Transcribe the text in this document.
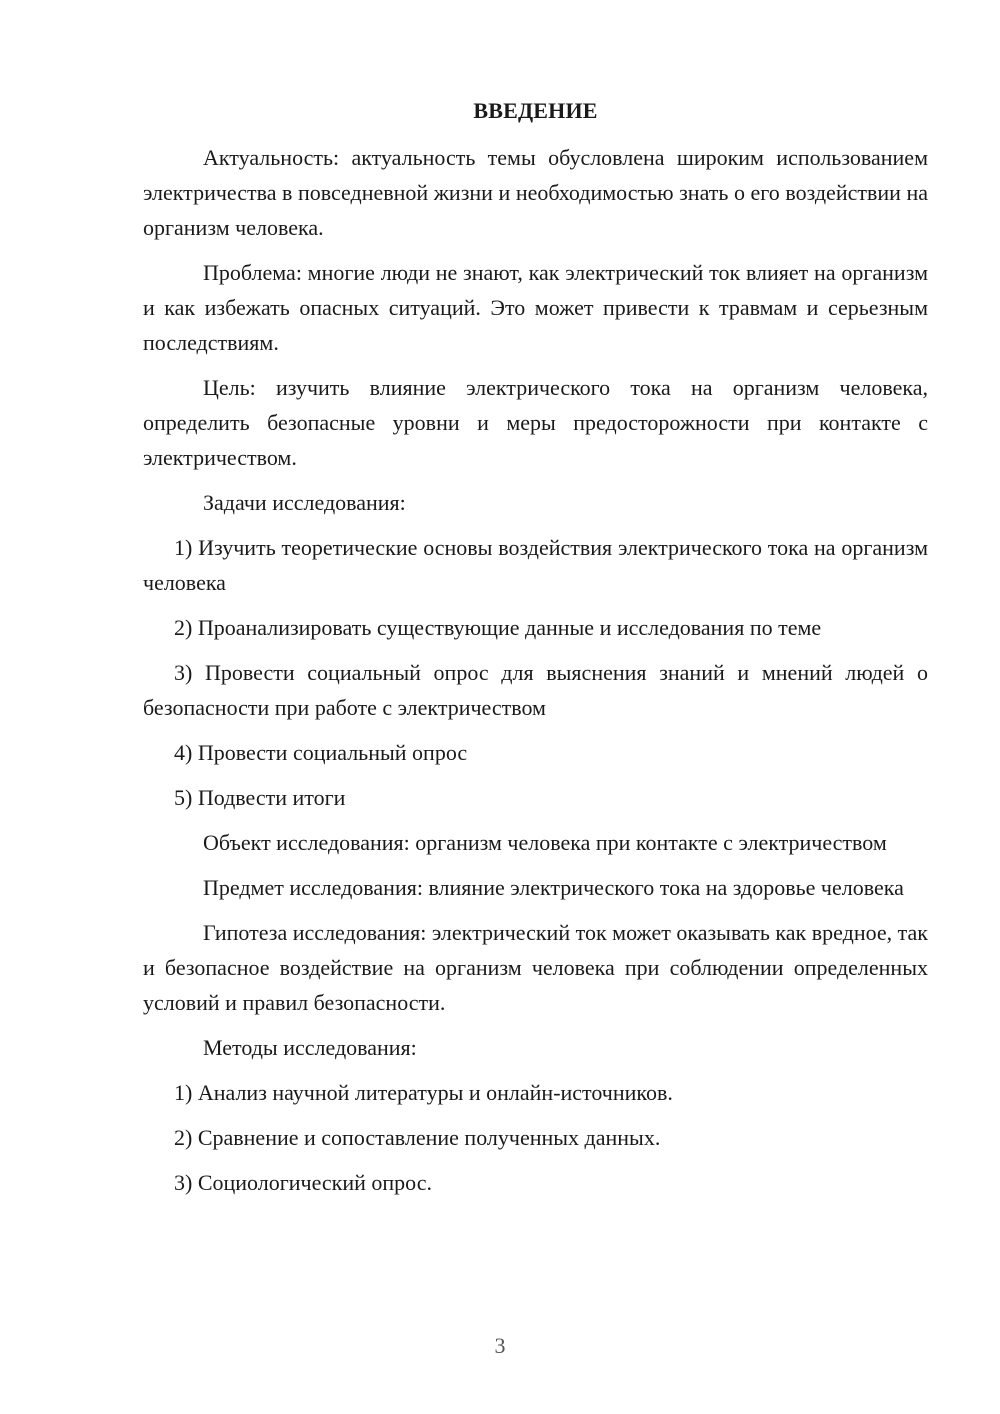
ВВЕДЕНИЕ

Актуальность: актуальность темы обусловлена широким использованием электричества в повседневной жизни и необходимостью знать о его воздействии на организм человека.

Проблема: многие люди не знают, как электрический ток влияет на организм и как избежать опасных ситуаций. Это может привести к травмам и серьезным последствиям.

Цель: изучить влияние электрического тока на организм человека, определить безопасные уровни и меры предосторожности при контакте с электричеством.

Задачи исследования:

1) Изучить теоретические основы воздействия электрического тока на организм человека

2) Проанализировать существующие данные и исследования по теме

3) Провести социальный опрос для выяснения знаний и мнений людей о безопасности при работе с электричеством

4) Провести социальный опрос

5) Подвести итоги

Объект исследования: организм человека при контакте с электричеством

Предмет исследования: влияние электрического тока на здоровье человека

Гипотеза исследования: электрический ток может оказывать как вредное, так и безопасное воздействие на организм человека при соблюдении определенных условий и правил безопасности.

Методы исследования:

1) Анализ научной литературы и онлайн-источников.

2) Сравнение и сопоставление полученных данных.

3) Социологический опрос.

3
